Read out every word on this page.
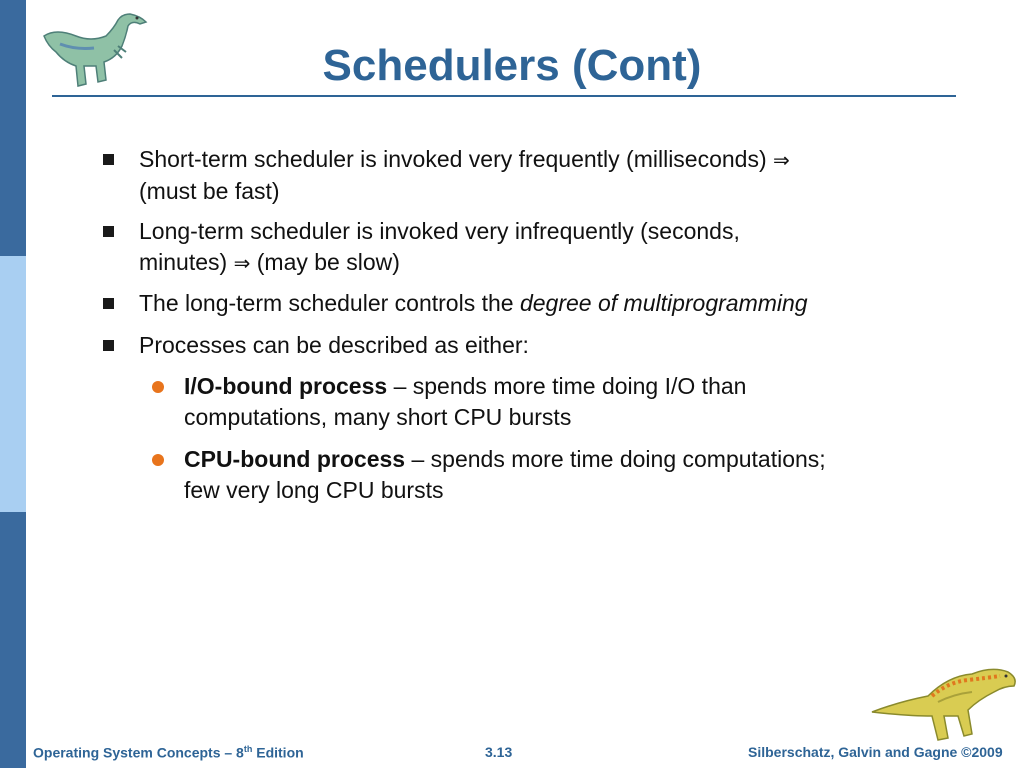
Schedulers (Cont)
Short-term scheduler is invoked very frequently (milliseconds) ⇒
(must be fast)
Long-term scheduler is invoked very infrequently (seconds,
minutes) ⇒ (may be slow)
The long-term scheduler controls the degree of multiprogramming
Processes can be described as either:
I/O-bound process – spends more time doing I/O than
computations, many short CPU bursts
CPU-bound process – spends more time doing computations;
few very long CPU bursts
Operating System Concepts – 8th Edition	3.13	Silberschatz, Galvin and Gagne ©2009
